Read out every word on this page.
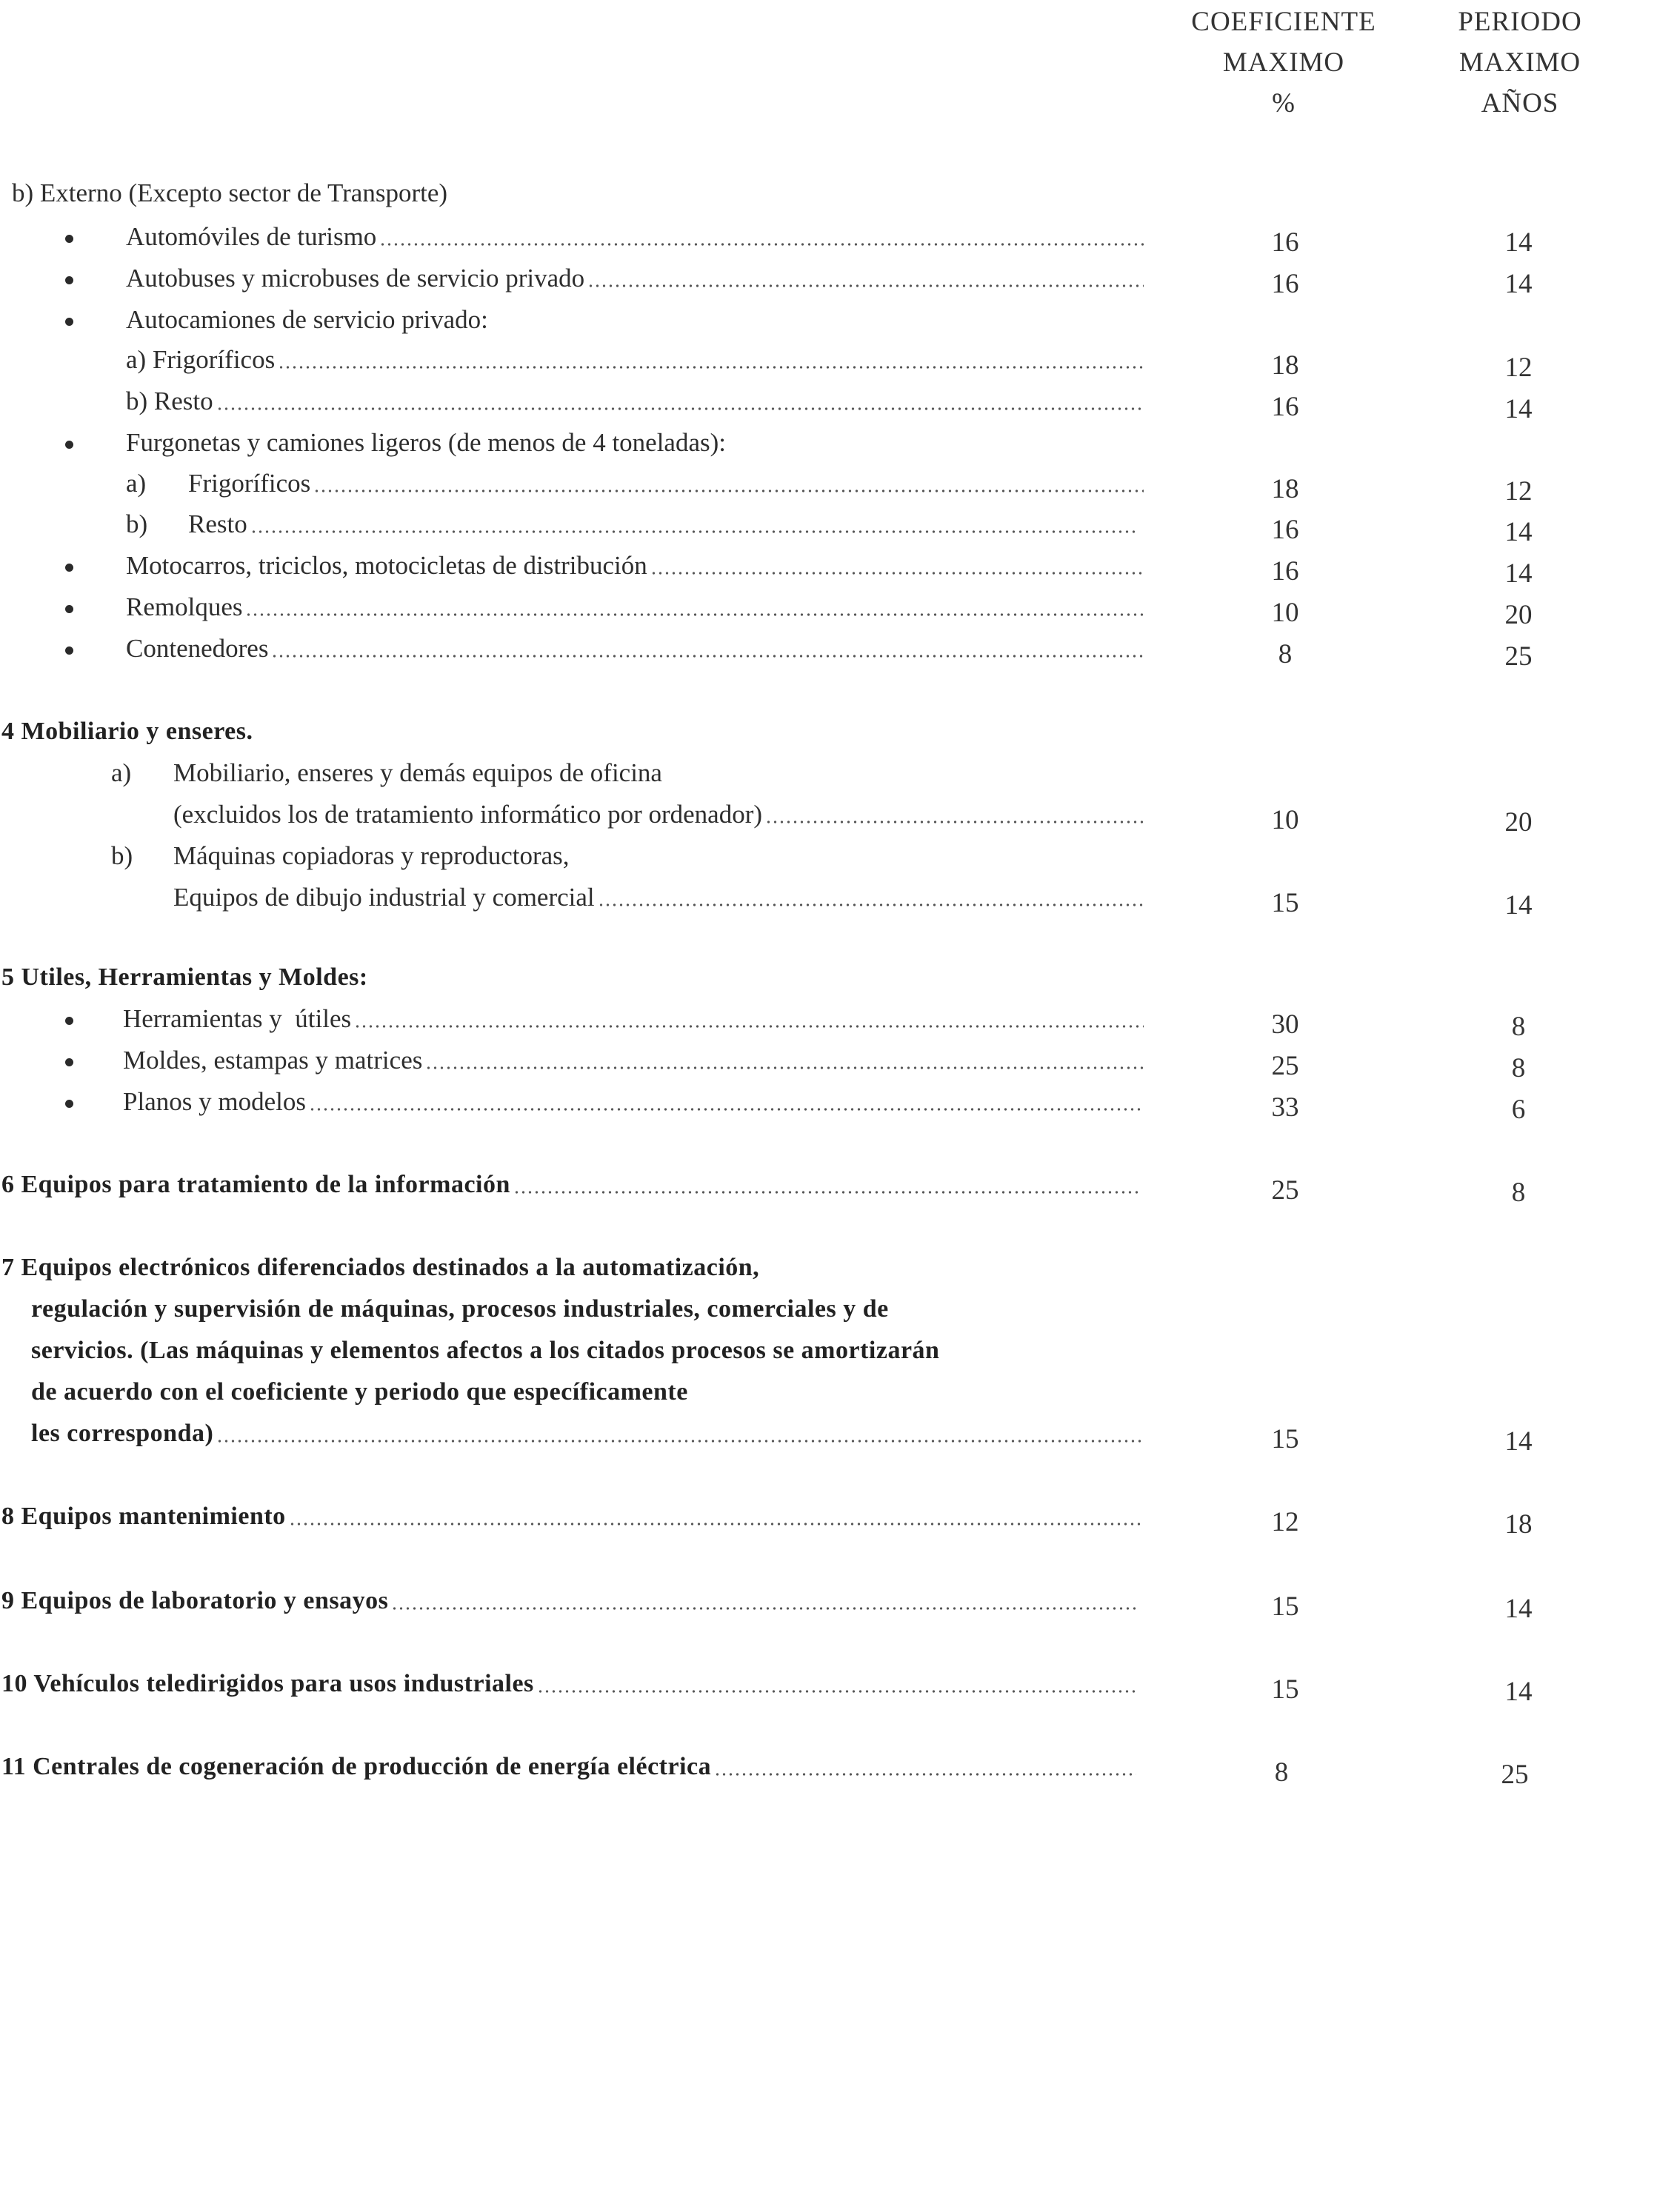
COEFICIENTE
MAXIMO
%
PERIODO
MAXIMO
AÑOS
b) Externo (Excepto sector de Transporte)
Automóviles de turismo	16	14
Autobuses y microbuses de servicio privado	16	14
Autocamiones de servicio privado:
a) Frigoríficos	18	12
b) Resto	16	14
Furgonetas y camiones ligeros (de menos de 4 toneladas):
a) Frigoríficos	18	12
b) Resto	16	14
Motocarros, triciclos, motocicletas de distribución	16	14
Remolques	10	20
Contenedores	8	25
4 Mobiliario y enseres.
a) Mobiliario, enseres y demás equipos de oficina
(excluidos los de tratamiento informático por ordenador)	10	20
b) Máquinas copiadoras y reproductoras,
Equipos de dibujo industrial y comercial	15	14
5 Utiles, Herramientas y Moldes:
Herramientas y  útiles	30	8
Moldes, estampas y matrices	25	8
Planos y modelos	33	6
6 Equipos para tratamiento de la información	25	8
7 Equipos electrónicos diferenciados destinados a la automatización,
regulación y supervisión de máquinas, procesos industriales, comerciales y de
servicios. (Las máquinas y elementos afectos a los citados procesos se amortizarán
de acuerdo con el coeficiente y periodo que específicamente
les corresponda)	15	14
8 Equipos mantenimiento	12	18
9 Equipos de laboratorio y ensayos	15	14
10 Vehículos teledirigidos para usos industriales	15	14
11 Centrales de cogeneración de producción de energía eléctrica	8	25
